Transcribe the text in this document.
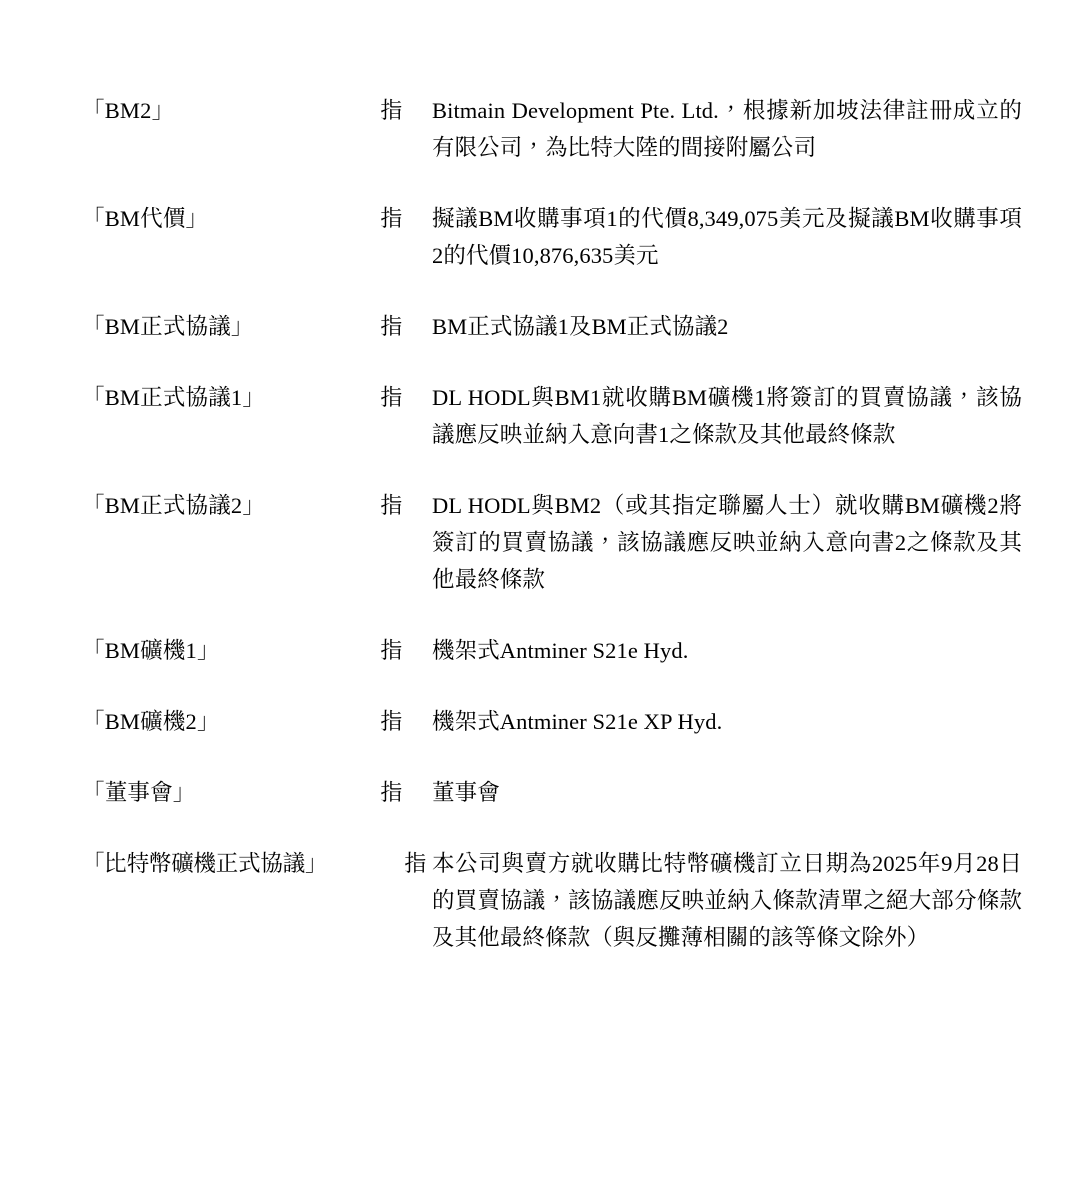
「BM2」	指	Bitmain Development Pte. Ltd.，根據新加坡法律註冊成立的有限公司，為比特大陸的間接附屬公司
「BM代價」	指	擬議BM收購事項1的代價8,349,075美元及擬議BM收購事項2的代價10,876,635美元
「BM正式協議」	指	BM正式協議1及BM正式協議2
「BM正式協議1」	指	DL HODL與BM1就收購BM礦機1將簽訂的買賣協議，該協議應反映並納入意向書1之條款及其他最終條款
「BM正式協議2」	指	DL HODL與BM2（或其指定聯屬人士）就收購BM礦機2將簽訂的買賣協議，該協議應反映並納入意向書2之條款及其他最終條款
「BM礦機1」	指	機架式Antminer S21e Hyd.
「BM礦機2」	指	機架式Antminer S21e XP Hyd.
「董事會」	指	董事會
「比特幣礦機正式協議」	指 本公司與賣方就收購比特幣礦機訂立日期為2025年9月28日的買賣協議，該協議應反映並納入條款清單之絕大部分條款及其他最終條款（與反攤薄相關的該等條文除外）
